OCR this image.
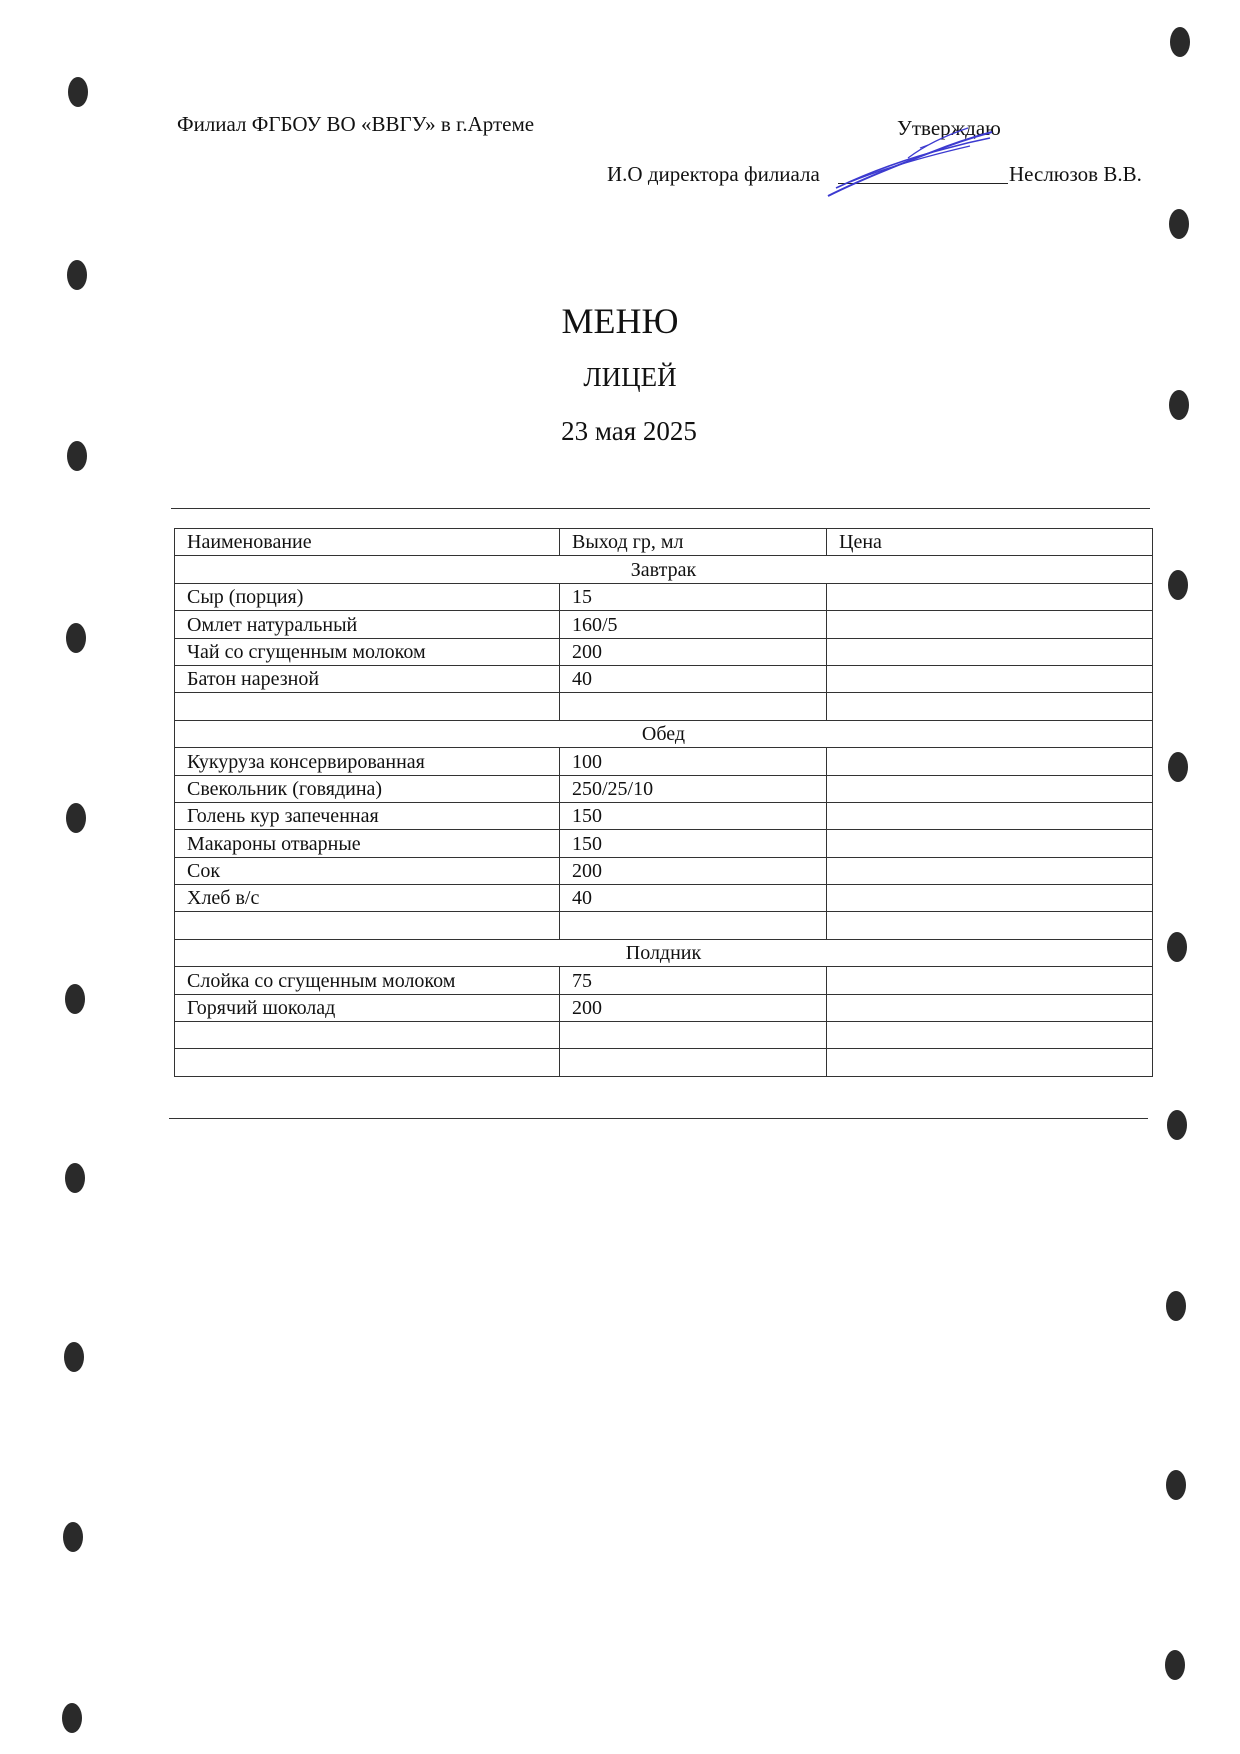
Филиал ФГБОУ ВО «ВВГУ» в г.Артеме	Утверждаю
И.О директора филиала	Неслюзов В.В.
МЕНЮ
ЛИЦЕЙ
23 мая 2025
Наименование	Выход гр, мл	Цена
Завтрак		
Сыр (порция)	15	
Омлет натуральный	160/5	
Чай со сгущенным молоком	200	
Батон нарезной	40	

Обед		
Кукуруза консервированная	100	
Свекольник (говядина)	250/25/10	
Голень кур запеченная	150	
Макароны отварные	150	
Сок	200	
Хлеб в/с	40	

Полдник		
Слойка со сгущенным молоком	75	
Горячий шоколад	200	
